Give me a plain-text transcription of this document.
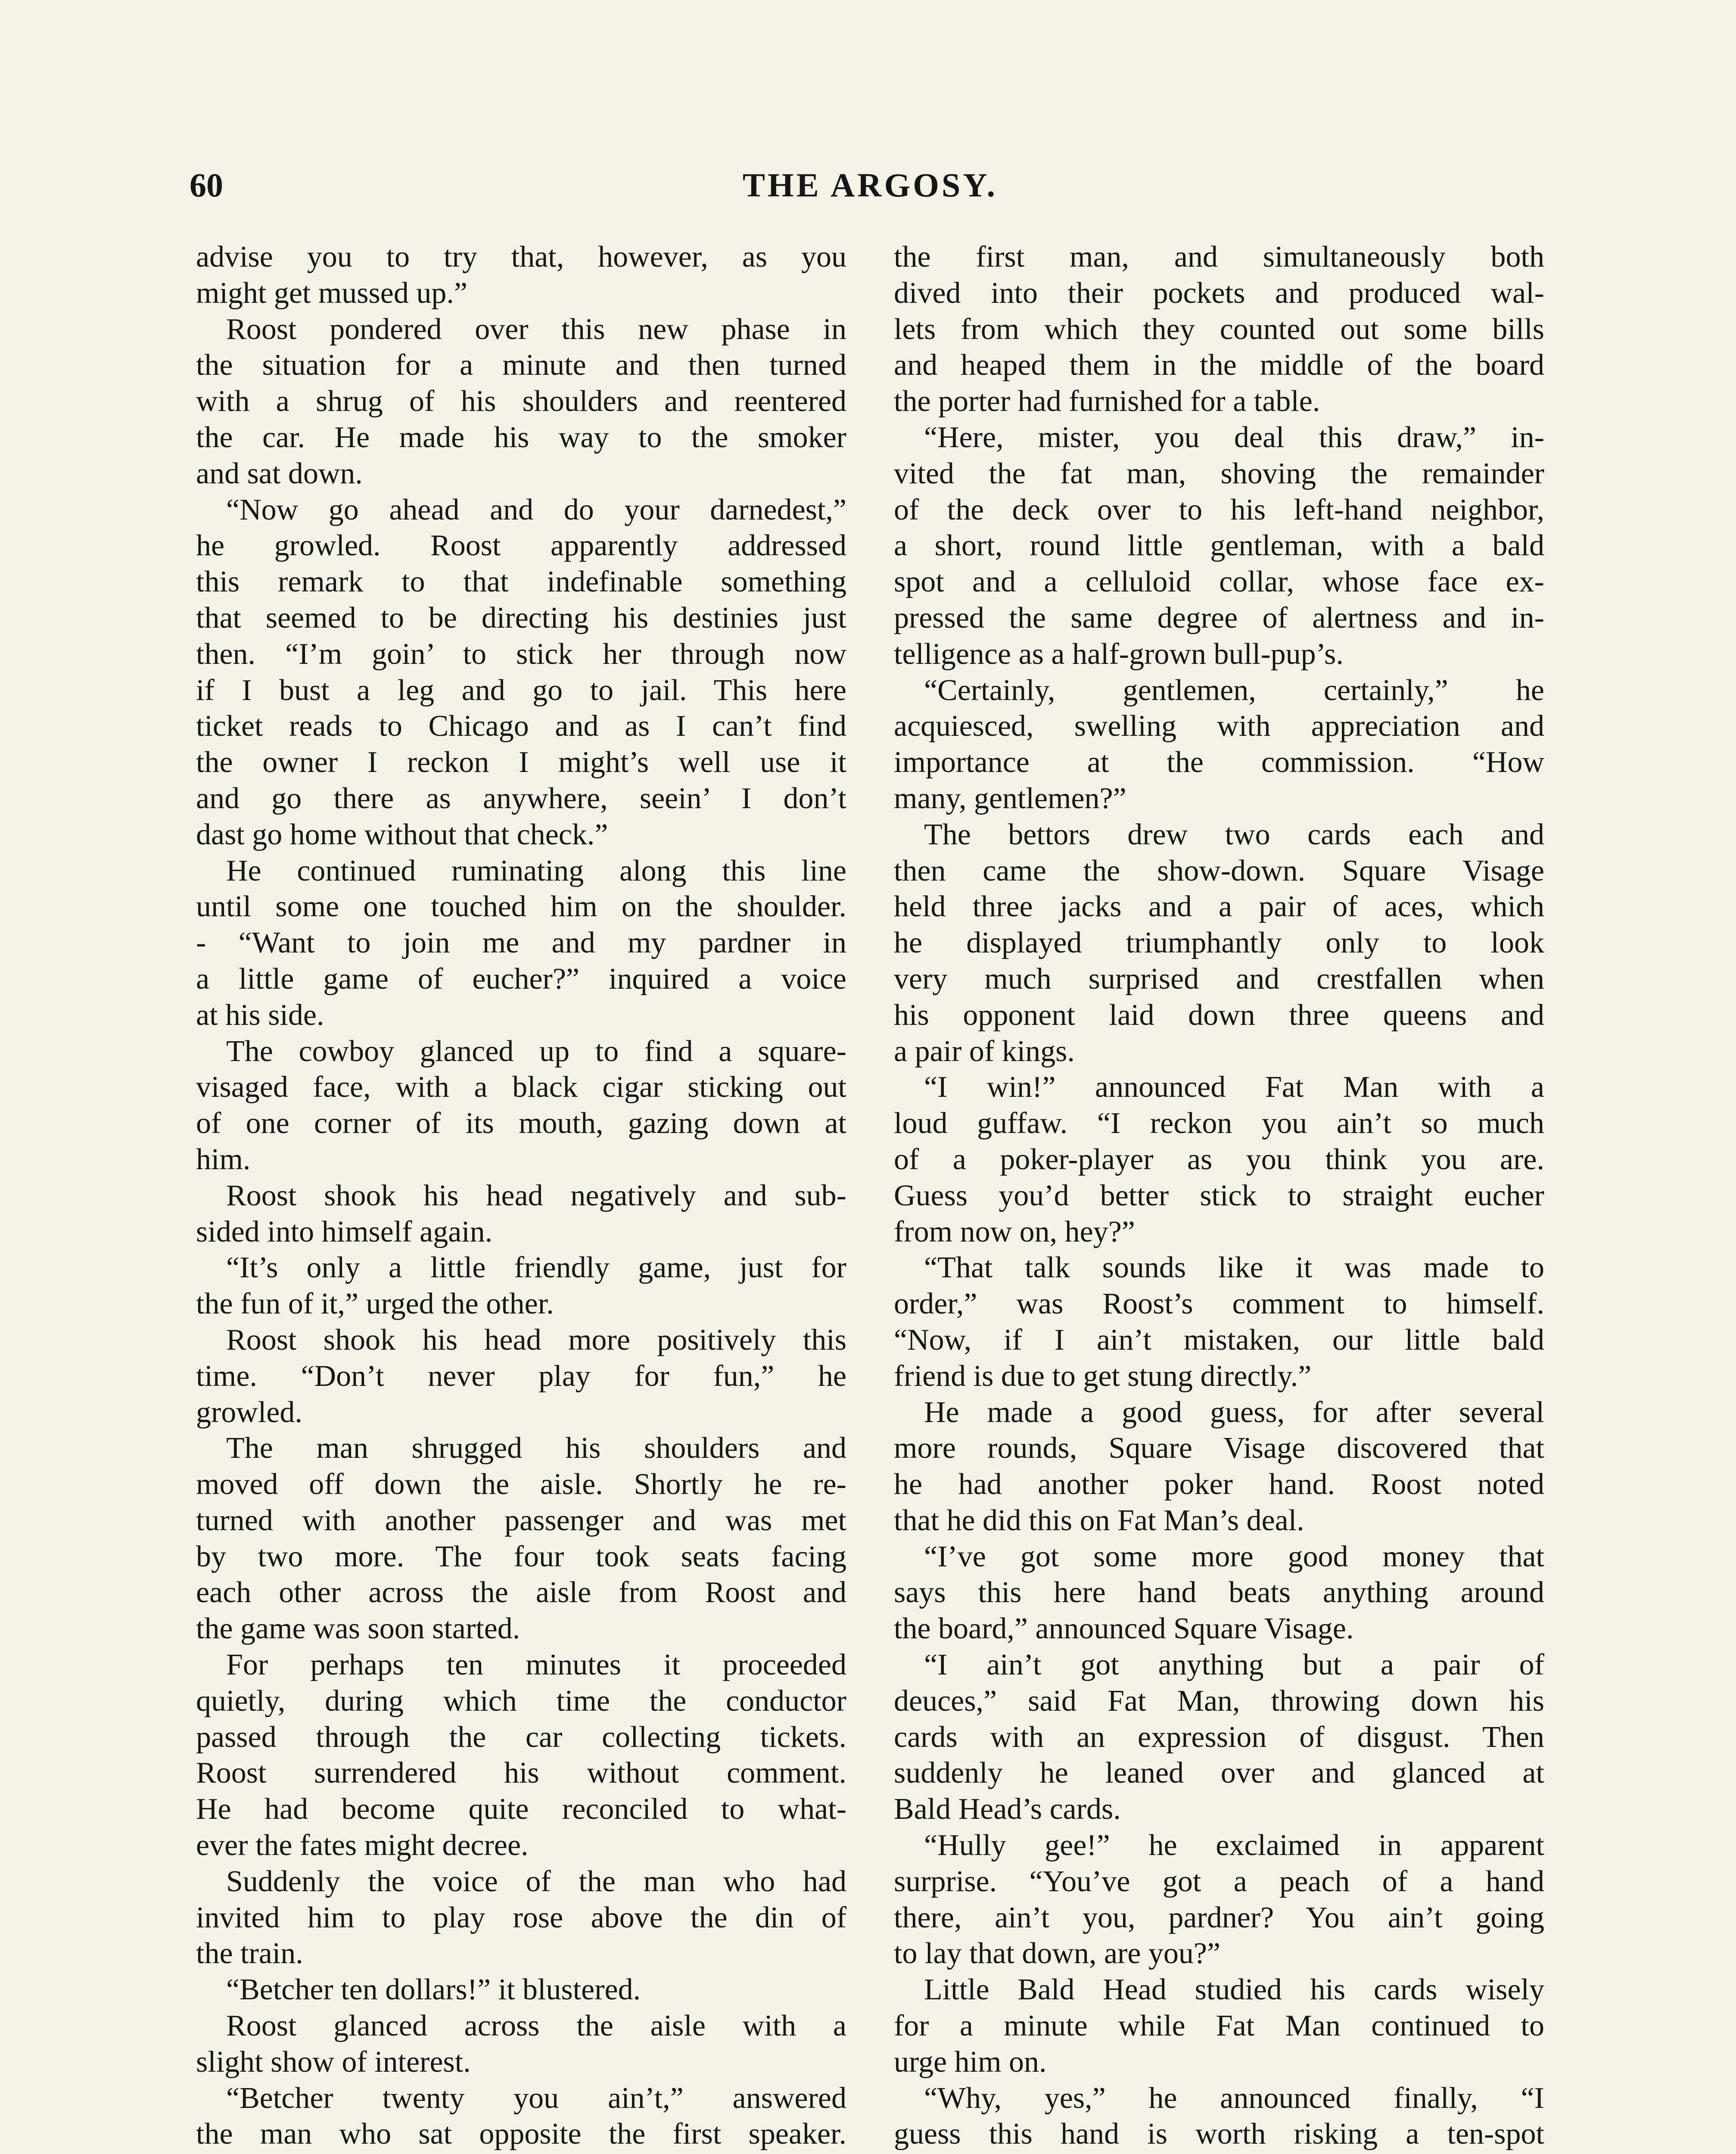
60	THE ARGOSY.
advise you to try that, however, as you
might get mussed up.”
Roost pondered over this new phase in
the situation for a minute and then turned
with a shrug of his shoulders and reentered
the car. He made his way to the smoker
and sat down.
“Now go ahead and do your darnedest,”
he growled. Roost apparently addressed
this remark to that indefinable something
that seemed to be directing his destinies just
then. “I’m goin’ to stick her through now
if I bust a leg and go to jail. This here
ticket reads to Chicago and as I can’t find
the owner I reckon I might’s well use it
and go there as anywhere, seein’ I don’t
dast go home without that check.”
He continued ruminating along this line
until some one touched him on the shoulder.
- “Want to join me and my pardner in
a little game of eucher?” inquired a voice
at his side.
The cowboy glanced up to find a square-
visaged face, with a black cigar sticking out
of one corner of its mouth, gazing down at
him.
Roost shook his head negatively and sub-
sided into himself again.
“It’s only a little friendly game, just for
the fun of it,” urged the other.
Roost shook his head more positively this
time. “Don’t never play for fun,” he
growled.
The man shrugged his shoulders and
moved off down the aisle. Shortly he re-
turned with another passenger and was met
by two more. The four took seats facing
each other across the aisle from Roost and
the game was soon started.
For perhaps ten minutes it proceeded
quietly, during which time the conductor
passed through the car collecting tickets.
Roost surrendered his without comment.
He had become quite reconciled to what-
ever the fates might decree.
Suddenly the voice of the man who had
invited him to play rose above the din of
the train.
“Betcher ten dollars!” it blustered.
Roost glanced across the aisle with a
slight show of interest.
“Betcher twenty you ain’t,” answered
the man who sat opposite the first speaker.
the first man, and simultaneously both
dived into their pockets and produced wal-
lets from which they counted out some bills
and heaped them in the middle of the board
the porter had furnished for a table.
“Here, mister, you deal this draw,” in-
vited the fat man, shoving the remainder
of the deck over to his left-hand neighbor,
a short, round little gentleman, with a bald
spot and a celluloid collar, whose face ex-
pressed the same degree of alertness and in-
telligence as a half-grown bull-pup’s.
“Certainly, gentlemen, certainly,” he
acquiesced, swelling with appreciation and
importance at the commission. “How
many, gentlemen?”
The bettors drew two cards each and
then came the show-down. Square Visage
held three jacks and a pair of aces, which
he displayed triumphantly only to look
very much surprised and crestfallen when
his opponent laid down three queens and
a pair of kings.
“I win!” announced Fat Man with a
loud guffaw. “I reckon you ain’t so much
of a poker-player as you think you are.
Guess you’d better stick to straight eucher
from now on, hey?”
“That talk sounds like it was made to
order,” was Roost’s comment to himself.
“Now, if I ain’t mistaken, our little bald
friend is due to get stung directly.”
He made a good guess, for after several
more rounds, Square Visage discovered that
he had another poker hand. Roost noted
that he did this on Fat Man’s deal.
“I’ve got some more good money that
says this here hand beats anything around
the board,” announced Square Visage.
“I ain’t got anything but a pair of
deuces,” said Fat Man, throwing down his
cards with an expression of disgust. Then
suddenly he leaned over and glanced at
Bald Head’s cards.
“Hully gee!” he exclaimed in apparent
surprise. “You’ve got a peach of a hand
there, ain’t you, pardner? You ain’t going
to lay that down, are you?”
Little Bald Head studied his cards wisely
for a minute while Fat Man continued to
urge him on.
“Why, yes,” he announced finally, “I
guess this hand is worth risking a ten-spot
